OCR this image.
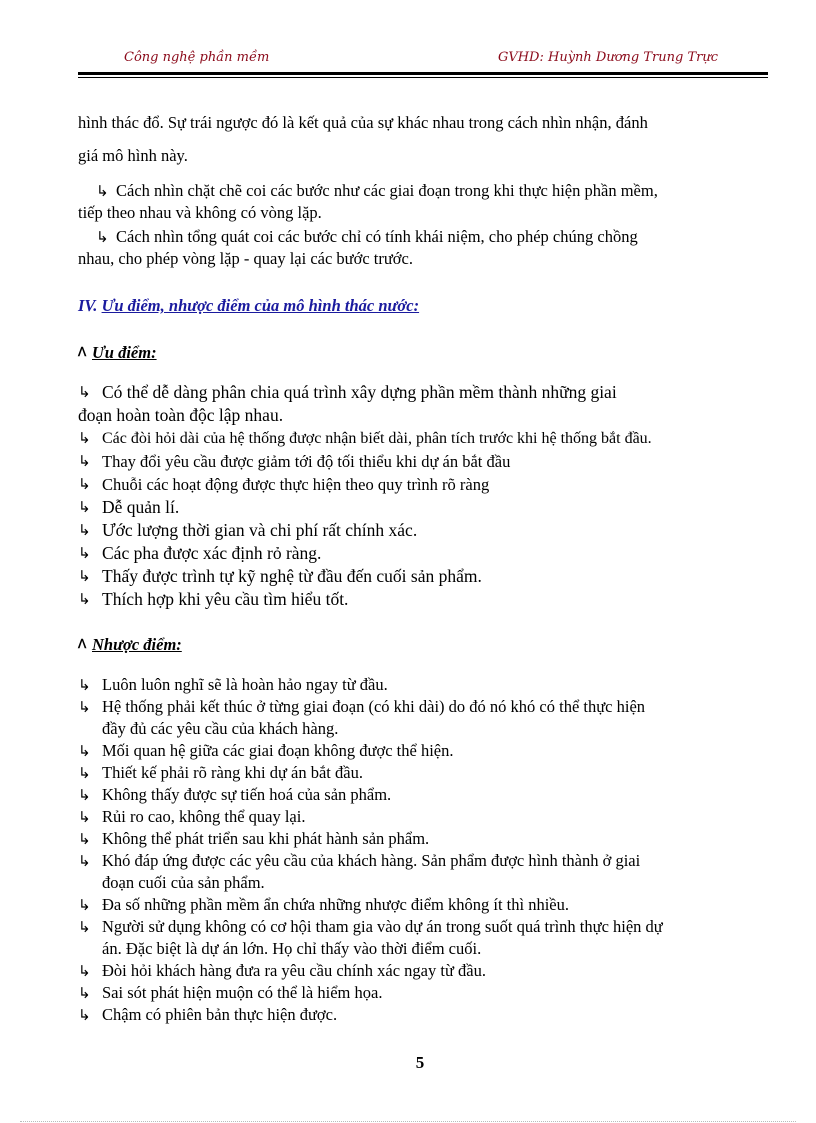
Công nghệ phần mềm	GVHD: Huỳnh Dương Trung Trực

hình thác đổ. Sự trái ngược đó là kết quả của sự khác nhau trong cách nhìn nhận, đánh

giá mô hình này.

↳ Cách nhìn chặt chẽ coi các bước như các giai đoạn trong khi thực hiện phần mềm,
tiếp theo nhau và không có vòng lặp.
↳ Cách nhìn tổng quát coi các bước chỉ có tính khái niệm, cho phép chúng chồng
nhau, cho phép vòng lặp - quay lại các bước trước.
IV. Ưu điểm, nhược điểm của mô hình thác nước:
ᐱ Ưu điểm:
↳ Có thể dễ dàng phân chia quá trình xây dựng phần mềm thành những giai
đoạn hoàn toàn độc lập nhau.
↳ Các đòi hỏi dài của hệ thống được nhận biết dài, phân tích trước khi hệ thống bắt đầu.
↳ Thay đổi yêu cầu được giảm tới độ tối thiểu khi dự án bắt đầu
↳ Chuỗi các hoạt động được thực hiện theo quy trình rõ ràng
↳ Dễ quản lí.
↳ Ước lượng thời gian và chi phí rất chính xác.
↳ Các pha được xác định rỏ ràng.
↳ Thấy được trình tự kỹ nghệ từ đầu đến cuối sản phẩm.
↳ Thích hợp khi yêu cầu tìm hiểu tốt.
ᐱ Nhược điểm:
↳ Luôn luôn nghĩ sẽ là hoàn hảo ngay từ đầu.
↳ Hệ thống phải kết thúc ở từng giai đoạn (có khi dài) do đó nó khó có thể thực hiện
đầy đủ các yêu cầu của khách hàng.
↳ Mối quan hệ giữa các giai đoạn không được thể hiện.
↳ Thiết kế phải rõ ràng khi dự án bắt đầu.
↳ Không thấy được sự tiến hoá của sản phẩm.
↳ Rủi ro cao, không thể quay lại.
↳ Không thể phát triển sau khi phát hành sản phẩm.
↳ Khó đáp ứng được các yêu cầu của khách hàng. Sản phẩm được hình thành ở giai
đoạn cuối của sản phẩm.
↳ Đa số những phần mềm ẩn chứa những nhược điểm không ít thì nhiều.
↳ Người sử dụng không có cơ hội tham gia vào dự án trong suốt quá trình thực hiện dự
án. Đặc biệt là dự án lớn. Họ chỉ thấy vào thời điểm cuối.
↳ Đòi hỏi khách hàng đưa ra yêu cầu chính xác ngay từ đầu.
↳ Sai sót phát hiện muộn có thể là hiểm họa.
↳ Chậm có phiên bản thực hiện được.
5
